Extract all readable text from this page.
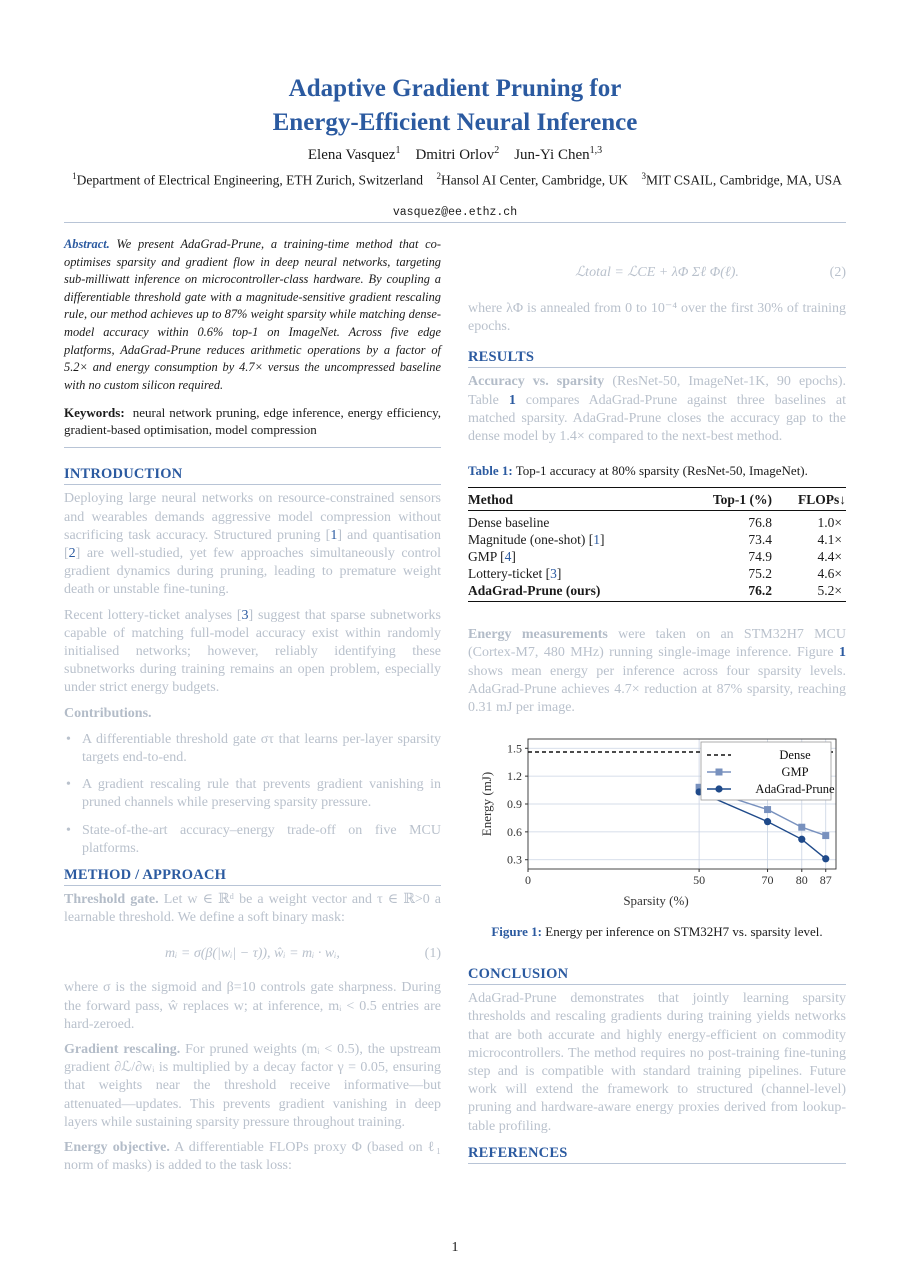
Adaptive Gradient Pruning for
Energy-Efficient Neural Inference
Elena Vasquez$^1$ Dmitri Orlov$^2$ Jun-Yi Chen$^{1,3}$
$^1$Department of Electrical Engineering, ETH Zurich, Switzerland $^2$Hansol AI Center, Cambridge, UK $^3$MIT CSAIL, Cambridge, MA, USA
vasquez@ee.ethz.ch

Abstract. We present AdaGrad-Prune, a training-time method that co-optimises sparsity and gradient flow in deep neural networks, targeting sub-milliwatt inference on microcontroller-class hardware. By coupling a differentiable threshold gate with a magnitude-sensitive gradient rescaling rule, our method achieves up to 87% weight sparsity while matching dense-model accuracy within 0.6% top-1 on ImageNet. Across five edge platforms, AdaGrad-Prune reduces arithmetic operations by a factor of 5.2× and energy consumption by 4.7× versus the uncompressed baseline with no custom silicon required.

Keywords: neural network pruning, edge inference, energy efficiency, gradient-based optimisation, model compression

INTRODUCTION

Deploying large neural networks on resource-constrained sensors and wearables demands aggressive model compression without sacrificing task accuracy. Structured pruning [1] and quantisation [2] are well-studied, yet few approaches simultaneously control gradient dynamics during pruning, leading to premature weight death or unstable fine-tuning.

Recent lottery-ticket analyses [3] suggest that sparse subnetworks capable of matching full-model accuracy exist within randomly initialised networks; however, reliably identifying these subnetworks during training remains an open problem, especially under strict energy budgets.

Contributions.

• A differentiable threshold gate στ that learns per-layer sparsity targets end-to-end.
• A gradient rescaling rule that prevents gradient vanishing in pruned channels while preserving sparsity pressure.
• State-of-the-art accuracy–energy trade-off on five MCU platforms.
METHOD / APPROACH

Threshold gate. Let w ∈ ℝᵈ be a weight vector and τ ∈ ℝ>0 a learnable threshold. We define a soft binary mask:

mᵢ = σ(β(|wᵢ| − τ)), ŵᵢ = mᵢ · wᵢ,	(1)

where σ is the sigmoid and β=10 controls gate sharpness. During the forward pass, ŵ replaces w; at inference, mᵢ < 0.5 entries are hard-zeroed.

Gradient rescaling. For pruned weights (mᵢ < 0.5), the upstream gradient ∂ℒ/∂wᵢ is multiplied by a decay factor γ = 0.05, ensuring that weights near the threshold receive informative—but attenuated—updates. This prevents gradient vanishing in deep layers while sustaining sparsity pressure throughout training.

Energy objective. A differentiable FLOPs proxy Φ (based on ℓ₁ norm of masks) is added to the task loss:

ℒtotal = ℒCE + λΦ Σℓ Φ(ℓ).	(2)

where λΦ is annealed from 0 to 10⁻⁴ over the first 30% of training epochs.

RESULTS

Accuracy vs. sparsity (ResNet-50, ImageNet-1K, 90 epochs). Table 1 compares AdaGrad-Prune against three baselines at matched sparsity. AdaGrad-Prune closes the accuracy gap to the dense model by 1.4× compared to the next-best method.

Table 1: Top-1 accuracy at 80% sparsity (ResNet-50, ImageNet).

Method	Top-1 (%)	FLOPs↓
Dense baseline	76.8	1.0×
Magnitude (one-shot) [1]	73.4	4.1×
GMP [4]	74.9	4.4×
Lottery-ticket [3]	75.2	4.6×
AdaGrad-Prune (ours)	76.2	5.2×

Energy measurements were taken on an STM32H7 MCU (Cortex-M7, 480 MHz) running single-image inference. Figure 1 shows mean energy per inference across four sparsity levels. AdaGrad-Prune achieves 4.7× reduction at 87% sparsity, reaching 0.31 mJ per image.

0	50	70 80 87
0.3
0.6
0.9
1.2
1.5
Sparsity (%)
Energy (mJ)
Dense
GMP
AdaGrad-Prune

Figure 1: Energy per inference on STM32H7 vs. sparsity level.

CONCLUSION

AdaGrad-Prune demonstrates that jointly learning sparsity thresholds and rescaling gradients during training yields networks that are both accurate and highly energy-efficient on commodity microcontrollers. The method requires no post-training fine-tuning step and is compatible with standard training pipelines. Future work will extend the framework to structured (channel-level) pruning and hardware-aware energy proxies derived from lookup-table profiling.

REFERENCES
1
